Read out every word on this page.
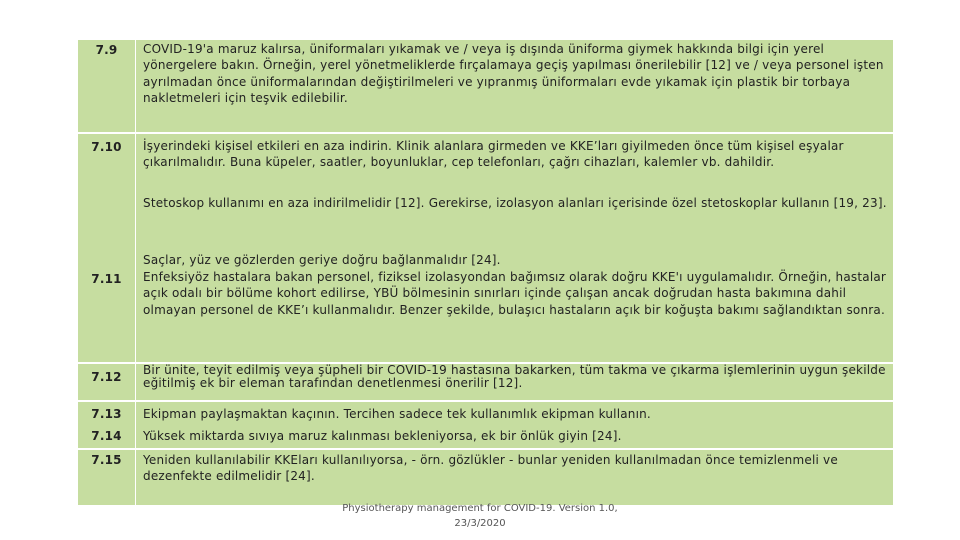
7.9	COVID-19'a maruz kalırsa, üniformaları yıkamak ve / veya iş dışında üniforma giymek hakkında bilgi için yerel yönergelere bakın. Örneğin, yerel yönetmeliklerde fırçalamaya geçiş yapılması önerilebilir [12] ve / veya personel işten ayrılmadan önce üniformalarından değiştirilmeleri ve yıpranmış üniformaları evde yıkamak için plastik bir torbaya nakletmeleri için teşvik edilebilir.
7.10	İşyerindeki kişisel etkileri en aza indirin. Klinik alanlara girmeden ve KKE’ları giyilmeden önce tüm kişisel eşyalar çıkarılmalıdır. Buna küpeler, saatler, boyunluklar, cep telefonları, çağrı cihazları, kalemler vb. dahildir.
Stetoskop kullanımı en aza indirilmelidir [12]. Gerekirse, izolasyon alanları içerisinde özel stetoskoplar kullanın [19, 23].
Saçlar, yüz ve gözlerden geriye doğru bağlanmalıdır [24].
7.11	Enfeksiyöz hastalara bakan personel, fiziksel izolasyondan bağımsız olarak doğru KKE'ı uygulamalıdır. Örneğin, hastalar açık odalı bir bölüme kohort edilirse, YBÜ bölmesinin sınırları içinde çalışan ancak doğrudan hasta bakımına dahil olmayan personel de KKE’ı kullanmalıdır. Benzer şekilde, bulaşıcı hastaların açık bir koğuşta bakımı sağlandıktan sonra.
7.12	Bir ünite, teyit edilmiş veya şüpheli bir COVID-19 hastasına bakarken, tüm takma ve çıkarma işlemlerinin uygun şekilde eğitilmiş ek bir eleman tarafından denetlenmesi önerilir [12].
7.13	Ekipman paylaşmaktan kaçının. Tercihen sadece tek kullanımlık ekipman kullanın.
7.14	Yüksek miktarda sıvıya maruz kalınması bekleniyorsa, ek bir önlük giyin [24].
7.15	Yeniden kullanılabilir KKEları kullanılıyorsa, - örn. gözlükler - bunlar yeniden kullanılmadan önce temizlenmeli ve dezenfekte edilmelidir [24].
Physiotherapy management for COVID-19. Version 1.0,
23/3/2020
